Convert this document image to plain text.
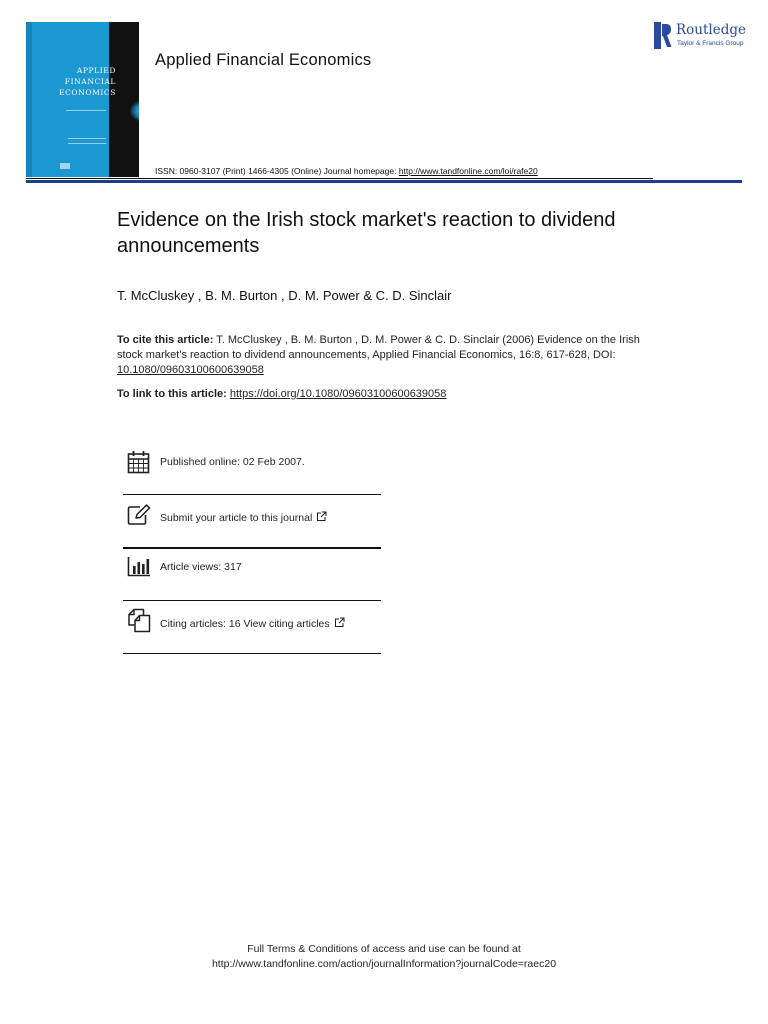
APPLIED
FINANCIAL
ECONOMICS
Applied Financial Economics
Routledge
Taylor & Francis Group
ISSN: 0960-3107 (Print) 1466-4305 (Online) Journal homepage: http://www.tandfonline.com/loi/rafe20
Evidence on the Irish stock market's reaction to dividend announcements
T. McCluskey , B. M. Burton , D. M. Power & C. D. Sinclair
To cite this article: T. McCluskey , B. M. Burton , D. M. Power & C. D. Sinclair (2006) Evidence on the Irish stock market's reaction to dividend announcements, Applied Financial Economics, 16:8, 617-628, DOI: 10.1080/09603100600639058
To link to this article: https://doi.org/10.1080/09603100600639058
Published online: 02 Feb 2007.
Submit your article to this journal
Article views: 317
Citing articles: 16 View citing articles
Full Terms & Conditions of access and use can be found at
http://www.tandfonline.com/action/journalInformation?journalCode=raec20
